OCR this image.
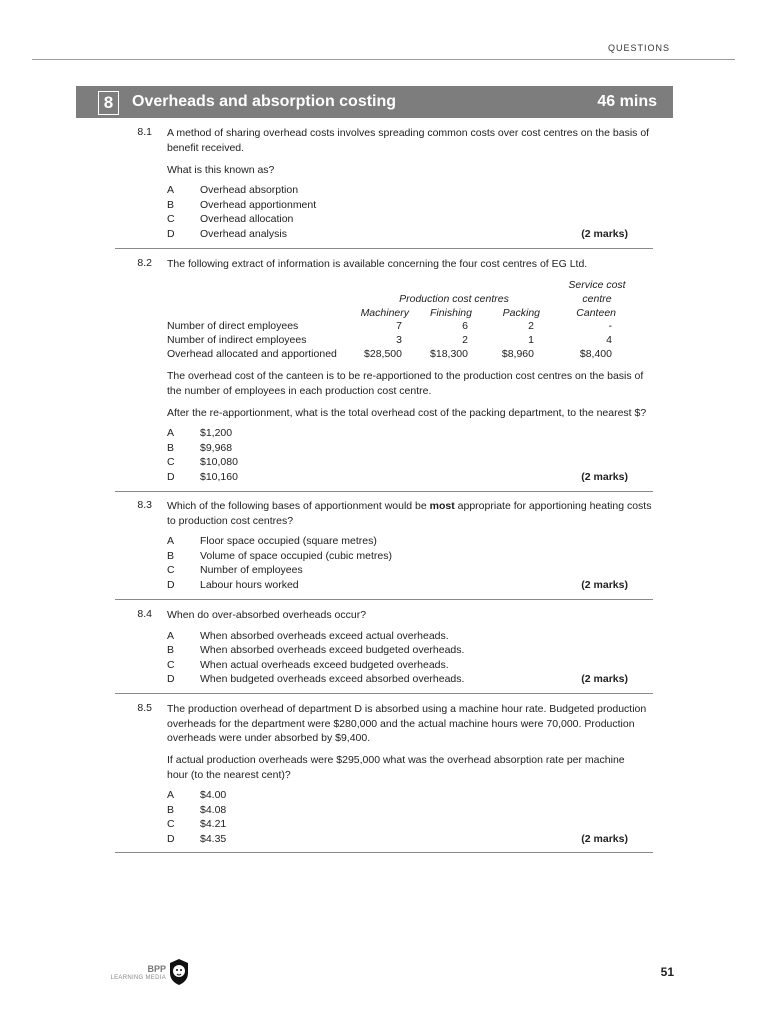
QUESTIONS
8	Overheads and absorption costing	46 mins
8.1 A method of sharing overhead costs involves spreading common costs over cost centres on the basis of
benefit received.
What is this known as?
A	Overhead absorption
B	Overhead apportionment
C	Overhead allocation
D	Overhead analysis	(2 marks)
8.2 The following extract of information is available concerning the four cost centres of EG Ltd.
Service cost
centre
Production cost centres
Machinery	Finishing	Packing	Canteen
Number of direct employees	7	6	2	-
Number of indirect employees	3	2	1	4
Overhead allocated and apportioned	$28,500	$18,300	$8,960	$8,400
The overhead cost of the canteen is to be re-apportioned to the production cost centres on the basis of
the number of employees in each production cost centre.
After the re-apportionment, what is the total overhead cost of the packing department, to the nearest $?
A	$1,200
B	$9,968
C	$10,080
D	$10,160	(2 marks)
8.3 Which of the following bases of apportionment would be most appropriate for apportioning heating costs
to production cost centres?
A	Floor space occupied (square metres)
B	Volume of space occupied (cubic metres)
C	Number of employees
D	Labour hours worked	(2 marks)
8.4 When do over-absorbed overheads occur?
A	When absorbed overheads exceed actual overheads.
B	When absorbed overheads exceed budgeted overheads.
C	When actual overheads exceed budgeted overheads.
D	When budgeted overheads exceed absorbed overheads.	(2 marks)
8.5 The production overhead of department D is absorbed using a machine hour rate. Budgeted production
overheads for the department were $280,000 and the actual machine hours were 70,000. Production
overheads were under absorbed by $9,400.
If actual production overheads were $295,000 what was the overhead absorption rate per machine
hour (to the nearest cent)?
A	$4.00
B	$4.08
C	$4.21
D	$4.35	(2 marks)
BPP
LEARNING MEDIA	51
